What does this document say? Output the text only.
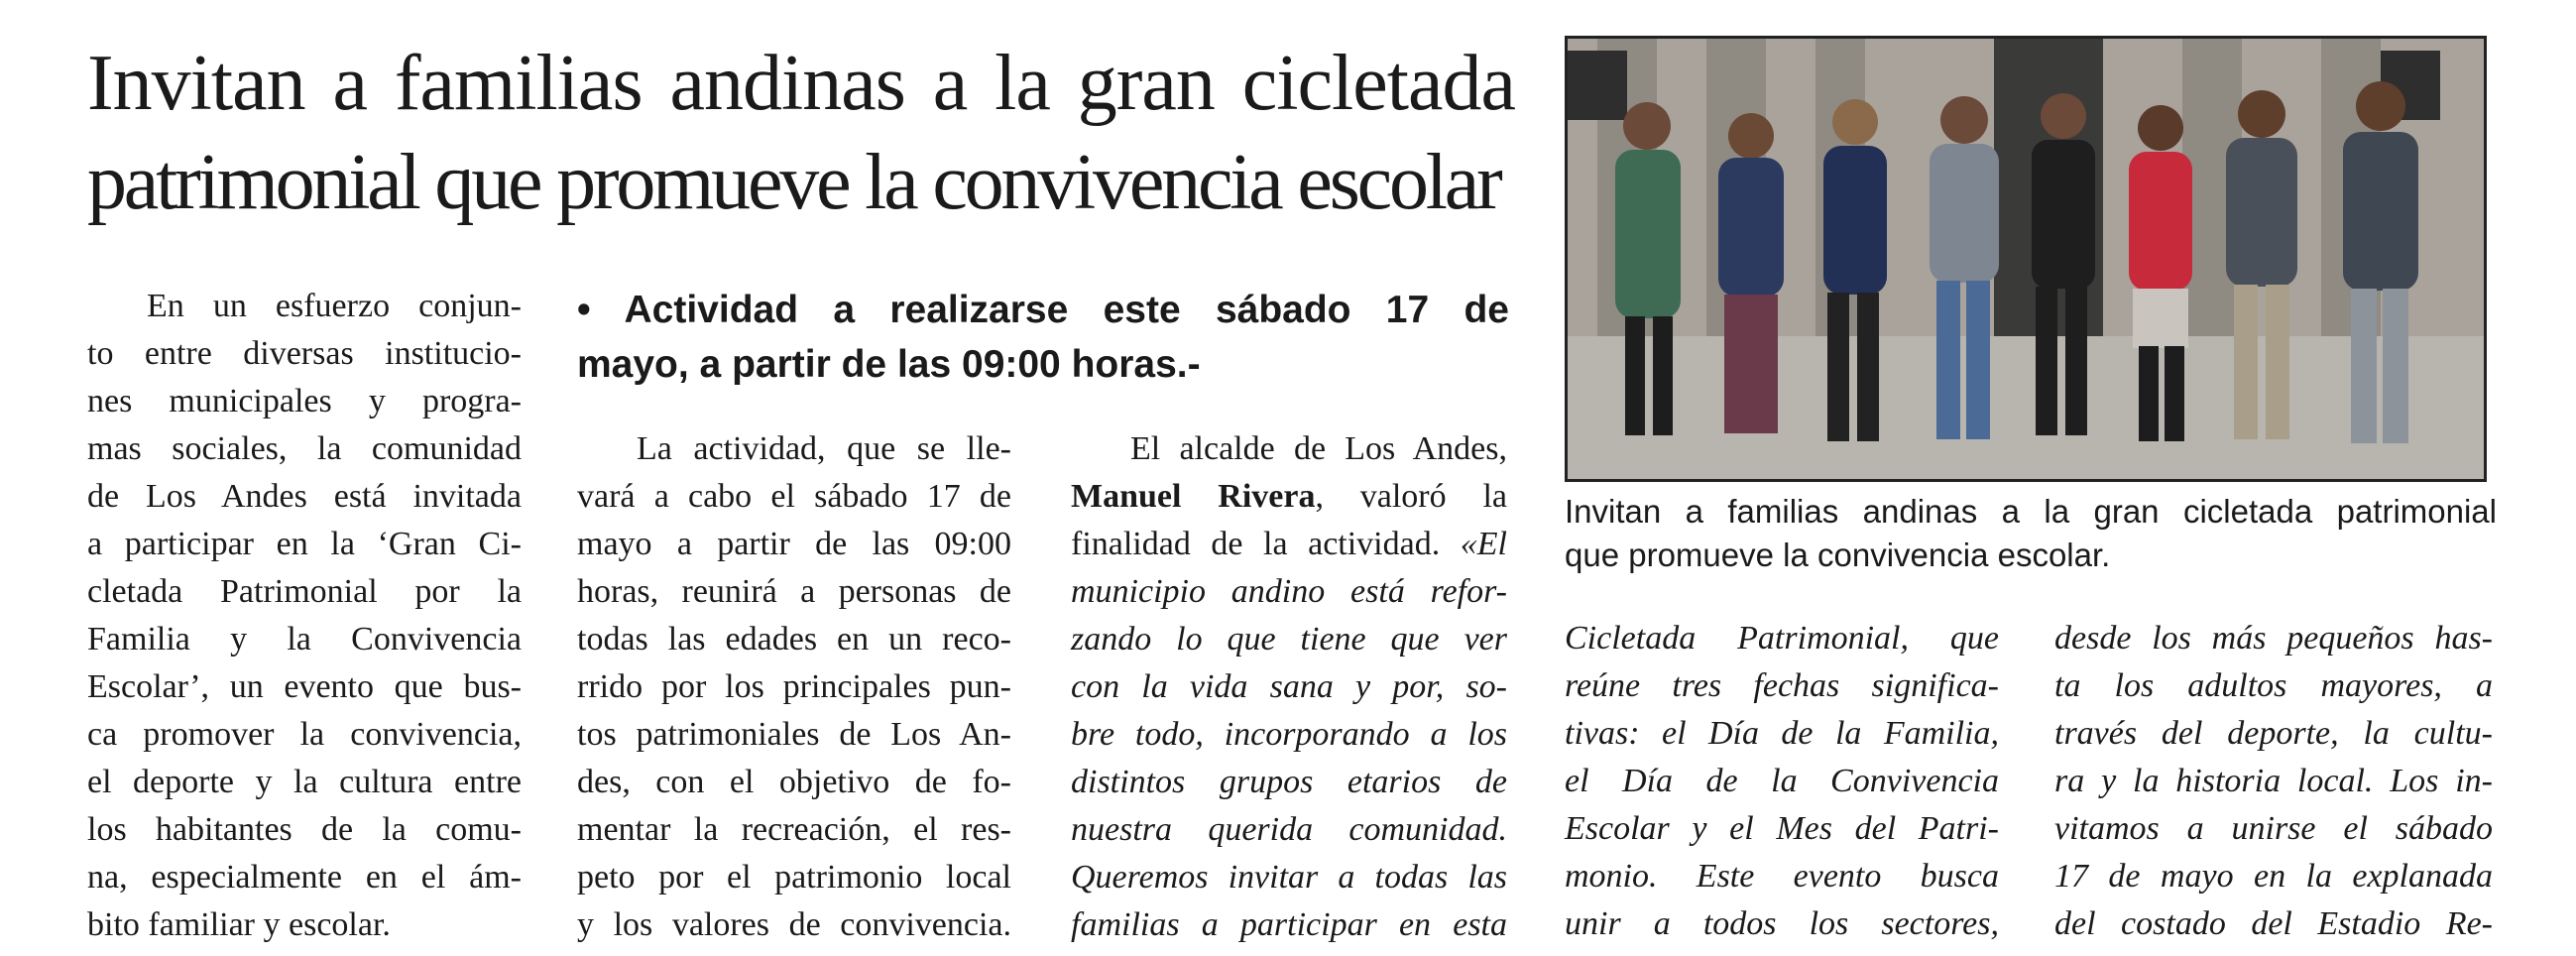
Invitan a familias andinas a la gran cicletada
patrimonial que promueve la convivencia escolar
• Actividad a realizarse este sábado 17 de
mayo, a partir de las 09:00 horas.-
En un esfuerzo conjun-
to entre diversas institucio-
nes municipales y progra-
mas sociales, la comunidad
de Los Andes está invitada
a participar en la ‘Gran Ci-
cletada Patrimonial por la
Familia y la Convivencia
Escolar’, un evento que bus-
ca promover la convivencia,
el deporte y la cultura entre
los habitantes de la comu-
na, especialmente en el ám-
bito familiar y escolar.
La actividad, que se lle-
vará a cabo el sábado 17 de
mayo a partir de las 09:00
horas, reunirá a personas de
todas las edades en un reco-
rrido por los principales pun-
tos patrimoniales de Los An-
des, con el objetivo de fo-
mentar la recreación, el res-
peto por el patrimonio local
y los valores de convivencia.
El alcalde de Los Andes,
Manuel Rivera, valoró la
finalidad de la actividad. «El
municipio andino está refor-
zando lo que tiene que ver
con la vida sana y por, so-
bre todo, incorporando a los
distintos grupos etarios de
nuestra querida comunidad.
Queremos invitar a todas las
familias a participar en esta
Invitan a familias andinas a la gran cicletada patrimonial
que promueve la convivencia escolar.
Cicletada Patrimonial, que
reúne tres fechas significa-
tivas: el Día de la Familia,
el Día de la Convivencia
Escolar y el Mes del Patri-
monio. Este evento busca
unir a todos los sectores,
desde los más pequeños has-
ta los adultos mayores, a
través del deporte, la cultu-
ra y la historia local. Los in-
vitamos a unirse el sábado
17 de mayo en la explanada
del costado del Estadio Re-
